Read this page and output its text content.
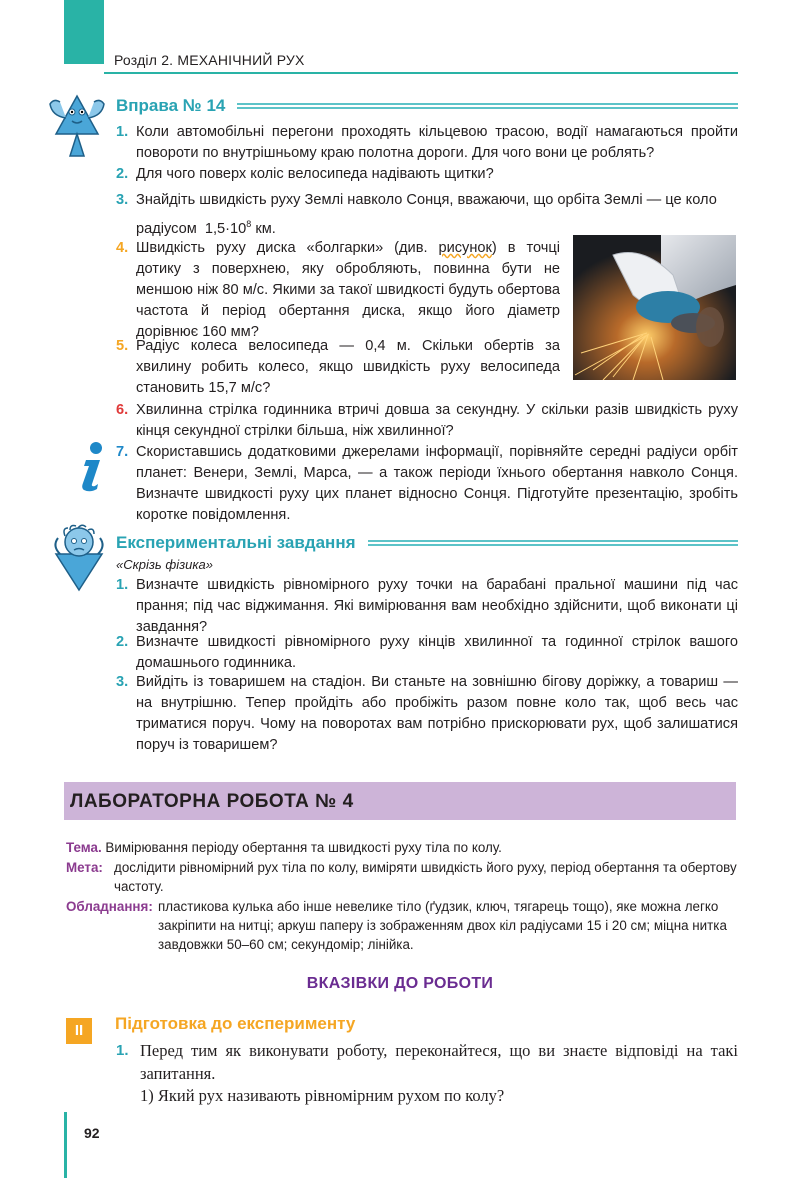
Розділ 2. МЕХАНІЧНИЙ РУХ
Вправа № 14
1. Коли автомобільні перегони проходять кільцевою трасою, водії намагаються пройти повороти по внутрішньому краю полотна дороги. Для чого вони це роблять?
2. Для чого поверх коліс велосипеда надівають щитки?
3. Знайдіть швидкість руху Землі навколо Сонця, вважаючи, що орбіта Землі — це коло радіусом $1,5\cdot 10^8$ км.
4. Швидкість руху диска «болгарки» (див. рисунок) в точці дотику з поверхнею, яку обробляють, повинна бути не меншою ніж 80 м/с. Якими за такої швидкості будуть обертова частота й період обертання диска, якщо його діаметр дорівнює 160 мм?
5. Радіус колеса велосипеда — 0,4 м. Скільки обертів за хвилину робить колесо, якщо швидкість руху велосипеда становить 15,7 м/с?
6. Хвилинна стрілка годинника втричі довша за секундну. У скільки разів швидкість руху кінця секундної стрілки більша, ніж хвилинної?
7. Скориставшись додатковими джерелами інформації, порівняйте середні радіуси орбіт планет: Венери, Землі, Марса, — а також періоди їхнього обертання навколо Сонця. Визначте швидкості руху цих планет відносно Сонця. Підготуйте презентацію, зробіть коротке повідомлення.
Експериментальні завдання
«Скрізь фізика»
1. Визначте швидкість рівномірного руху точки на барабані пральної машини під час прання; під час віджимання. Які вимірювання вам необхідно здійснити, щоб виконати ці завдання?
2. Визначте швидкості рівномірного руху кінців хвилинної та годинної стрілок вашого домашнього годинника.
3. Вийдіть із товаришем на стадіон. Ви станьте на зовнішню бігову доріжку, а товариш — на внутрішню. Тепер пройдіть або пробіжіть разом повне коло так, щоб весь час триматися поруч. Чому на поворотах вам потрібно прискорювати рух, щоб залишатися поруч із товаришем?
ЛАБОРАТОРНА РОБОТА № 4
Тема. Вимірювання періоду обертання та швидкості руху тіла по колу.
Мета: дослідити рівномірний рух тіла по колу, виміряти швидкість його руху, період обертання та обертову частоту.
Обладнання: пластикова кулька або інше невелике тіло (ґудзик, ключ, тягарець тощо), яке можна легко закріпити на нитці; аркуш паперу із зображенням двох кіл радіусами 15 і 20 см; міцна нитка завдовжки 50–60 см; секундомір; лінійка.
ВКАЗІВКИ ДО РОБОТИ
II	Підготовка до експерименту
1. Перед тим як виконувати роботу, переконайтеся, що ви знаєте відповіді на такі запитання.
1) Який рух називають рівномірним рухом по колу?
92
